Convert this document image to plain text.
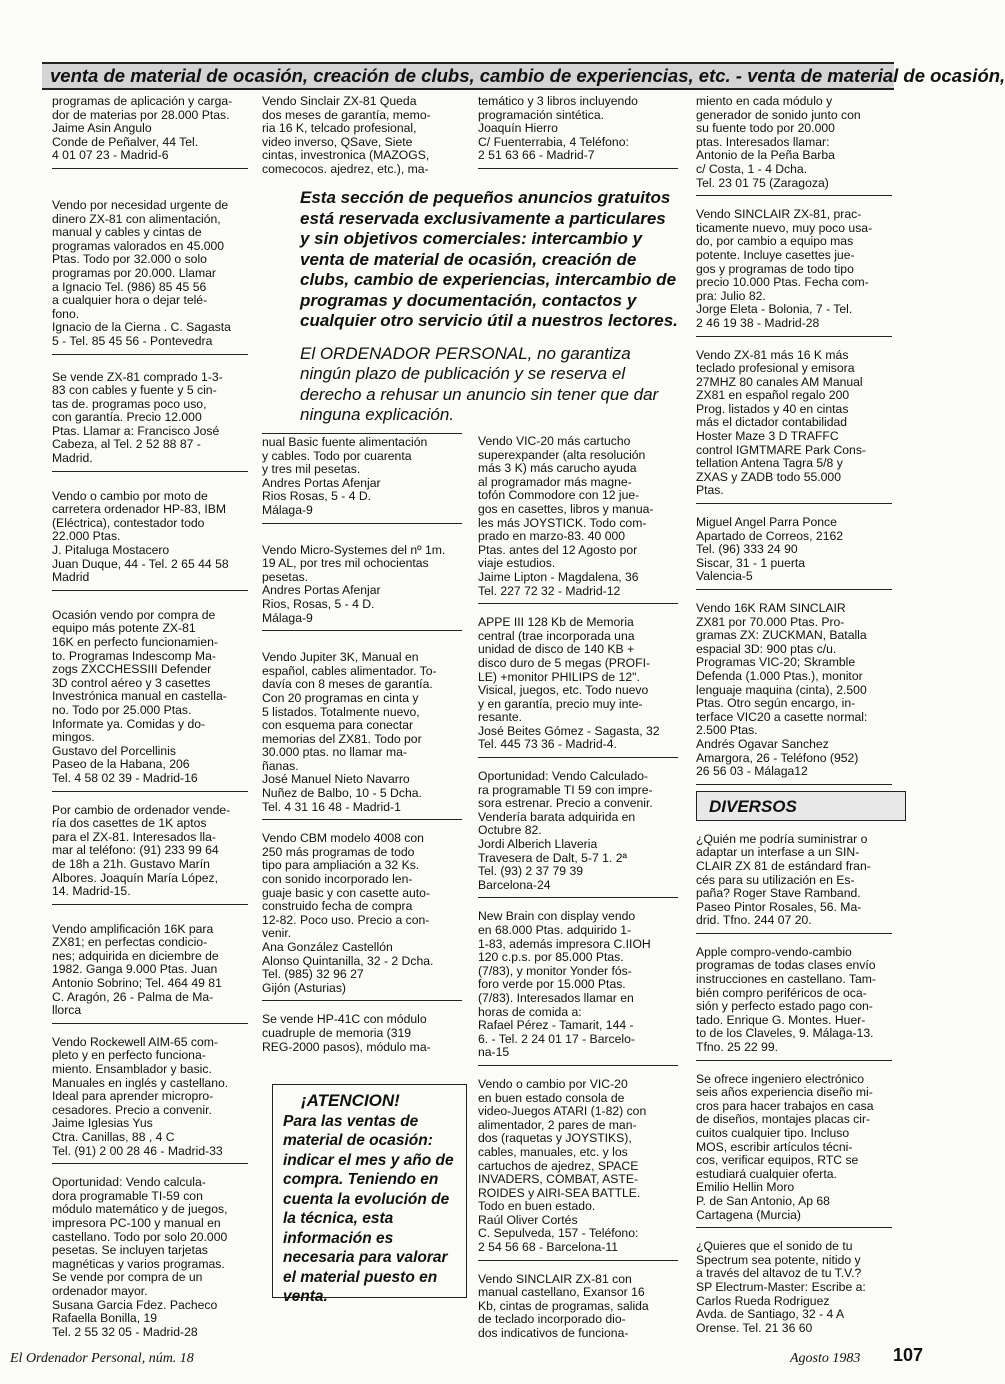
venta de material de ocasión, creación de clubs, cambio de experiencias, etc. - venta de material de ocasión,
programas de aplicación y carga-
dor de materias por 28.000 Ptas.
Jaime Asin Angulo
Conde de Peñalver, 44 Tel.
4 01 07 23 - Madrid-6
Vendo por necesidad urgente de
dinero ZX-81 con alimentación,
manual y cables y cintas de
programas valorados en 45.000
Ptas. Todo por 32.000 o solo
programas por 20.000. Llamar
a Ignacio Tel. (986) 85 45 56
a cualquier hora o dejar telé-
fono.
Ignacio de la Cierna . C. Sagasta
5 - Tel. 85 45 56 - Pontevedra
Se vende ZX-81 comprado 1-3-
83 con cables y fuente y 5 cin-
tas de. programas poco uso,
con garantía. Precio 12.000
Ptas. Llamar a: Francisco José
Cabeza, al Tel. 2 52 88 87 -
Madrid.
Vendo o cambio por moto de
carretera ordenador HP-83, IBM
(Eléctrica), contestador todo
22.000 Ptas.
J. Pitaluga Mostacero
Juan Duque, 44 - Tel. 2 65 44 58
Madrid
Ocasión vendo por compra de
equipo más potente ZX-81
16K en perfecto funcionamien-
to. Programas Indescomp Ma-
zogs ZXCCHESSIII Defender
3D control aéreo y 3 casettes
Investrónica manual en castella-
no. Todo por 25.000 Ptas.
Informate ya. Comidas y do-
mingos.
Gustavo del Porcellinis
Paseo de la Habana, 206
Tel. 4 58 02 39 - Madrid-16
Por cambio de ordenador vende-
ría dos casettes de 1K aptos
para el ZX-81. Interesados lla-
mar al teléfono: (91) 233 99 64
de 18h a 21h. Gustavo Marín
Albores. Joaquín María López,
14. Madrid-15.
Vendo amplificación 16K para
ZX81; en perfectas condicio-
nes; adquirida en diciembre de
1982. Ganga 9.000 Ptas. Juan
Antonio Sobrino; Tel. 464 49 81
C. Aragón, 26 - Palma de Ma-
llorca
Vendo Rockewell AIM-65 com-
pleto y en perfecto funciona-
miento. Ensamblador y basic.
Manuales en inglés y castellano.
Ideal para aprender micropro-
cesadores. Precio a convenir.
Jaime Iglesias Yus
Ctra. Canillas, 88 , 4 C
Tel. (91) 2 00 28 46 - Madrid-33
Oportunidad: Vendo calcula-
dora programable TI-59 con
módulo matemático y de juegos,
impresora PC-100 y manual en
castellano. Todo por solo 20.000
pesetas. Se incluyen tarjetas
magnéticas y varios programas.
Se vende por compra de un
ordenador mayor.
Susana Garcia Fdez. Pacheco
Rafaella Bonilla, 19
Tel. 2 55 32 05 - Madrid-28
Vendo Sinclair ZX-81 Queda
dos meses de garantía, memo-
ria 16 K, telcado profesional,
video inverso, QSave, Siete
cintas, investronica (MAZOGS,
comecocos. ajedrez, etc.), ma-
temático y 3 libros incluyendo
programación sintética.
Joaquín Hierro
C/ Fuenterrabia, 4 Teléfono:
2 51 63 66 - Madrid-7

Esta sección de pequeños anuncios gratuitos está reservada exclusivamente a particulares y sin objetivos comerciales: intercambio y venta de material de ocasión, creación de clubs, cambio de experiencias, intercambio de programas y documentación, contactos y cualquier otro servicio útil a nuestros lectores.

El ORDENADOR PERSONAL, no garantiza ningún plazo de publicación y se reserva el derecho a rehusar un anuncio sin tener que dar ninguna explicación.

nual Basic fuente alimentación
y cables. Todo por cuarenta
y tres mil pesetas.
Andres Portas Afenjar
Rios Rosas, 5 - 4 D.
Málaga-9
Vendo Micro-Systemes del nº 1m.
19 AL, por tres mil ochocientas
pesetas.
Andres Portas Afenjar
Rios, Rosas, 5 - 4 D.
Málaga-9
Vendo Jupiter 3K, Manual en
español, cables alimentador. To-
davía con 8 meses de garantía.
Con 20 programas en cinta y
5 listados. Totalmente nuevo,
con esquema para conectar
memorias del ZX81. Todo por
30.000 ptas. no llamar ma-
ñanas.
José Manuel Nieto Navarro
Nuñez de Balbo, 10 - 5 Dcha.
Tel. 4 31 16 48 - Madrid-1
Vendo CBM modelo 4008 con
250 más programas de todo
tipo para ampliación a 32 Ks.
con sonido incorporado len-
guaje basic y con casette auto-
construido fecha de compra
12-82. Poco uso. Precio a con-
venir.
Ana González Castellón
Alonso Quintanilla, 32 - 2 Dcha.
Tel. (985) 32 96 27
Gijón (Asturias)
Se vende HP-41C con módulo
cuadruple de memoria (319
REG-2000 pasos), módulo ma-
¡ATENCION!
Para las ventas de material de ocasión: indicar el mes y año de compra. Teniendo en cuenta la evolución de la técnica, esta información es necesaria para valorar el material puesto en venta.
Vendo VIC-20 más cartucho
superexpander (alta resolución
más 3 K) más carucho ayuda
al programador más magne-
tofón Commodore con 12 jue-
gos en casettes, libros y manua-
les más JOYSTICK. Todo com-
prado en marzo-83. 40 000
Ptas. antes del 12 Agosto por
viaje estudios.
Jaime Lipton - Magdalena, 36
Tel. 227 72 32 - Madrid-12
APPE III 128 Kb de Memoria
central (trae incorporada una
unidad de disco de 140 KB +
disco duro de 5 megas (PROFI-
LE) +monitor PHILIPS de 12".
Visical, juegos, etc. Todo nuevo
y en garantía, precio muy inte-
resante.
José Beites Gómez - Sagasta, 32
Tel. 445 73 36 - Madrid-4.
Oportunidad: Vendo Calculado-
ra programable TI 59 con impre-
sora estrenar. Precio a convenir.
Vendería barata adquirida en
Octubre 82.
Jordi Alberich Llaveria
Travesera de Dalt, 5-7 1. 2ª
Tel. (93) 2 37 79 39
Barcelona-24
New Brain con display vendo
en 68.000 Ptas. adquirido 1-
1-83, además impresora C.IIOH
120 c.p.s. por 85.000 Ptas.
(7/83), y monitor Yonder fós-
foro verde por 15.000 Ptas.
(7/83). Interesados llamar en
horas de comida a:
Rafael Pérez - Tamarit, 144 -
6. - Tel. 2 24 01 17 - Barcelo-
na-15
Vendo o cambio por VIC-20
en buen estado consola de
video-Juegos ATARI (1-82) con
alimentador, 2 pares de man-
dos (raquetas y JOYSTIKS),
cables, manuales, etc. y los
cartuchos de ajedrez, SPACE
INVADERS, COMBAT, ASTE-
ROIDES y AIRI-SEA BATTLE.
Todo en buen estado.
Raúl Oliver Cortés
C. Sepulveda, 157 - Teléfono:
2 54 56 68 - Barcelona-11
Vendo SINCLAIR ZX-81 con
manual castellano, Exansor 16
Kb, cintas de programas, salida
de teclado incorporado dio-
dos indicativos de funciona-
miento en cada módulo y
generador de sonido junto con
su fuente todo por 20.000
ptas. Interesados llamar:
Antonio de la Peña Barba
c/ Costa, 1 - 4 Dcha.
Tel. 23 01 75 (Zaragoza)
Vendo SINCLAIR ZX-81, prac-
ticamente nuevo, muy poco usa-
do, por cambio a equipo mas
potente. Incluye casettes jue-
gos y programas de todo tipo
precio 10.000 Ptas. Fecha com-
pra: Julio 82.
Jorge Eleta - Bolonia, 7 - Tel.
2 46 19 38 - Madrid-28
Vendo ZX-81 más 16 K más
teclado profesional y emisora
27MHZ 80 canales AM Manual
ZX81 en español regalo 200
Prog. listados y 40 en cintas
más el dictador contabilidad
Hoster Maze 3 D TRAFFC
control IGMTMARE Park Cons-
tellation Antena Tagra 5/8 y
ZXAS y ZADB todo 55.000
Ptas.
Miguel Angel Parra Ponce
Apartado de Correos, 2162
Tel. (96) 333 24 90
Siscar, 31 - 1 puerta
Valencia-5
Vendo 16K RAM SINCLAIR
ZX81 por 70.000 Ptas. Pro-
gramas ZX: ZUCKMAN, Batalla
espacial 3D: 900 ptas c/u.
Programas VIC-20; Skramble
Defenda (1.000 Ptas.), monitor
lenguaje maquina (cinta), 2.500
Ptas. Otro según encargo, in-
terface VIC20 a casette normal:
2.500 Ptas.
Andrés Ogavar Sanchez
Amargora, 26 - Teléfono (952)
26 56 03 - Málaga12
DIVERSOS
¿Quién me podría suministrar o
adaptar un interfase a un SIN-
CLAIR ZX 81 de estándard fran-
cés para su utilización en Es-
paña? Roger Stave Ramband.
Paseo Pintor Rosales, 56. Ma-
drid. Tfno. 244 07 20.
Apple compro-vendo-cambio
programas de todas clases envío
instrucciones en castellano. Tam-
bién compro periféricos de oca-
sión y perfecto estado pago con-
tado. Enrique G. Montes. Huer-
to de los Claveles, 9. Málaga-13.
Tfno. 25 22 99.
Se ofrece ingeniero electrónico
seis años experiencia diseño mi-
cros para hacer trabajos en casa
de diseños, montajes placas cir-
cuitos cualquier tipo. Incluso
MOS, escribir artículos técni-
cos, verificar equipos, RTC se
estudiará cualquier oferta.
Emilio Hellin Moro
P. de San Antonio, Ap 68
Cartagena (Murcia)
¿Quieres que el sonido de tu
Spectrum sea potente, nitido y
a través del altavoz de tu T.V.?
SP Electrum-Master: Escribe a:
Carlos Rueda Rodriguez
Avda. de Santiago, 32 - 4 A
Orense. Tel. 21 36 60
El Ordenador Personal, núm. 18	Agosto 1983 107
